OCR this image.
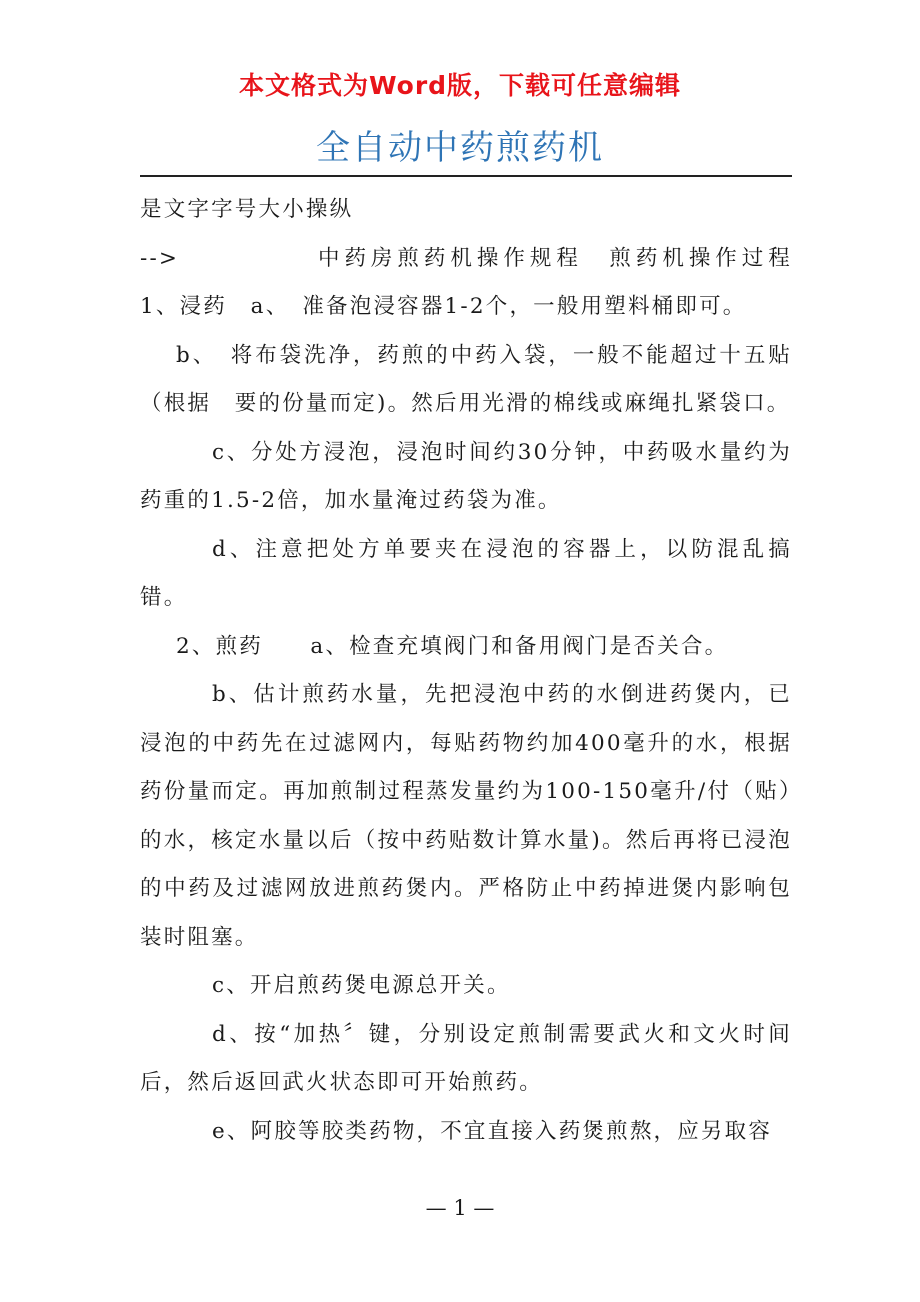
本文格式为Word版，下载可任意编辑
全自动中药煎药机

是文字字号大小操纵

-->	中药房煎药机操作规程　煎药机操作过程　1、浸药　a、　准备泡浸容器1-2个，一般用塑料桶即可。

b、　将布袋洗净，药煎的中药入袋，一般不能超过十五贴（根据　要的份量而定)。然后用光滑的棉线或麻绳扎紧袋口。

c、分处方浸泡，浸泡时间约30分钟，中药吸水量约为药重的1.5-2倍，加水量淹过药袋为准。

d、注意把处方单要夹在浸泡的容器上，以防混乱搞错。

2、煎药　　a、检查充填阀门和备用阀门是否关合。

b、估计煎药水量，先把浸泡中药的水倒进药煲内，已浸泡的中药先在过滤网内，每贴药物约加400毫升的水，根据药份量而定。再加煎制过程蒸发量约为100-150毫升/付（贴）的水，核定水量以后（按中药贴数计算水量)。然后再将已浸泡的中药及过滤网放进煎药煲内。严格防止中药掉进煲内影响包装时阻塞。

c、开启煎药煲电源总开关。

d、按“加热〞键，分别设定煎制需要武火和文火时间后，然后返回武火状态即可开始煎药。

e、阿胶等胶类药物，不宜直接入药煲煎熬，应另取容

— 1 —
